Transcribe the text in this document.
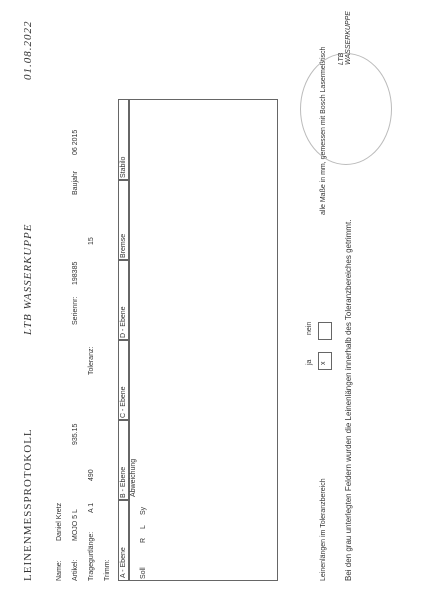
LEINENMESSPROTOKOLL
LTB WASSERKUPPE
01.08.2022
Name:
Daniel Kretz
Artikel:
MOJO 5 L
935.15
Seriennr:
198385
Baujahr
06 2015
Tragegurtlänge:
A 1
490
Toleranz:
15
Trimm: A - Ebene
B - Ebene
C - Ebene
D - Ebene
Bremse
Stabilo
Abweichung
Soll
R
L
Sy	Leinenlängen im Toleranzbereich
ja x
nein	Bei den grau unterlegten Feldern wurden die Leinenlängen innerhalb des Toleranzbereiches getrimmt.
alle Maße in mm, gemessen mit Bosch Lasermeßtisch LTB WASSERKUPPE
